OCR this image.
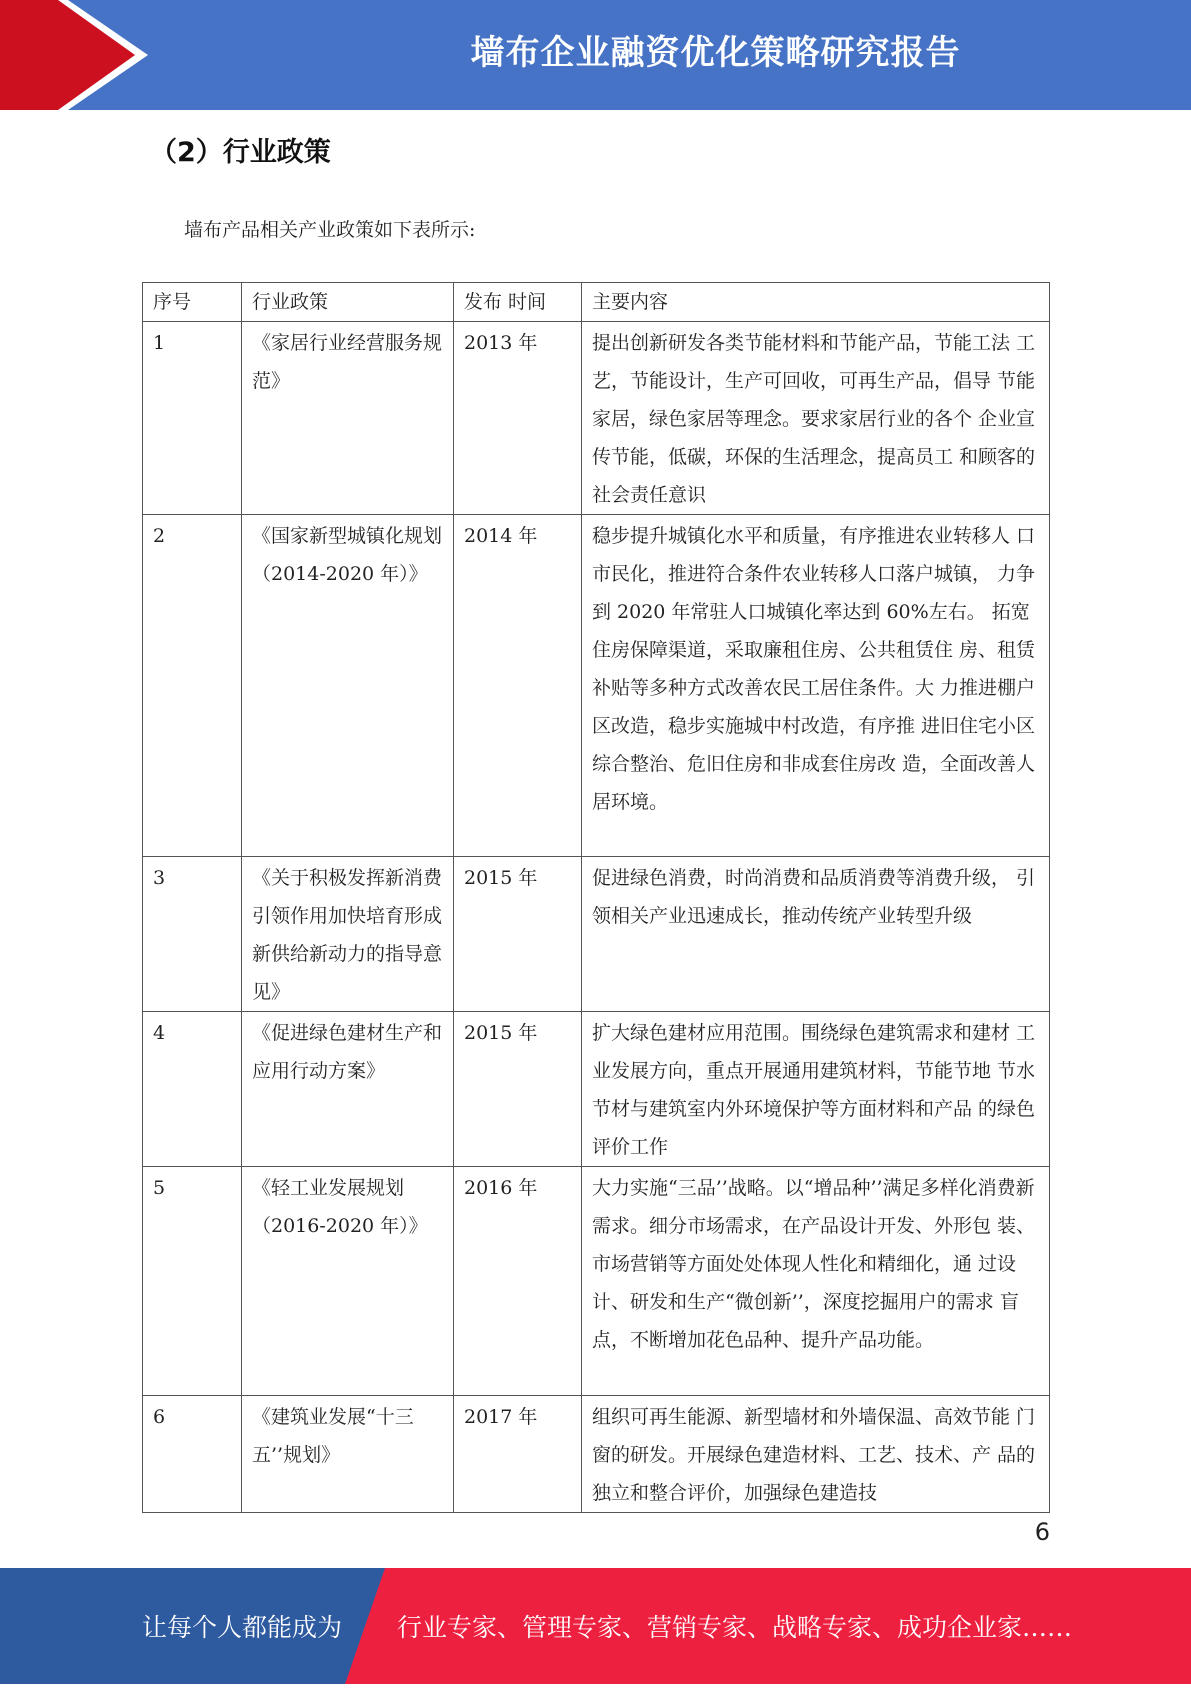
墙布企业融资优化策略研究报告
（2）行业政策
墙布产品相关产业政策如下表所示:
序号	行业政策	发布 时间	主要内容
1	《家居行业经营服务规范》	2013 年	提出创新研发各类节能材料和节能产品，节能工法 工艺，节能设计，生产可回收，可再生产品，倡导 节能家居，绿色家居等理念。要求家居行业的各个 企业宣传节能，低碳，环保的生活理念，提高员工 和顾客的社会责任意识
2	《国家新型城镇化规划（2014-2020 年）》	2014 年	稳步提升城镇化水平和质量，有序推进农业转移人 口市民化，推进符合条件农业转移人口落户城镇， 力争到 2020 年常驻人口城镇化率达到 60%左右。 拓宽住房保障渠道，采取廉租住房、公共租赁住 房、租赁补贴等多种方式改善农民工居住条件。大 力推进棚户区改造，稳步实施城中村改造，有序推 进旧住宅小区综合整治、危旧住房和非成套住房改 造，全面改善人居环境。
3	《关于积极发挥新消费引领作用加快培育形成新供给新动力的指导意见》	2015 年	促进绿色消费，时尚消费和品质消费等消费升级， 引领相关产业迅速成长，推动传统产业转型升级
4	《促进绿色建材生产和应用行动方案》	2015 年	扩大绿色建材应用范围。围绕绿色建筑需求和建材 工业发展方向，重点开展通用建筑材料，节能节地 节水节材与建筑室内外环境保护等方面材料和产品 的绿色评价工作
5	《轻工业发展规划（2016-2020 年）》	2016 年	大力实施“三品’’战略。以“增品种’’满足多样化消费新 需求。细分市场需求，在产品设计开发、外形包 装、市场营销等方面处处体现人性化和精细化，通 过设计、研发和生产“微创新’’，深度挖掘用户的需求 盲点，不断增加花色品种、提升产品功能。
6	《建筑业发展“十三五’’规划》	2017 年	组织可再生能源、新型墙材和外墙保温、高效节能 门窗的研发。开展绿色建造材料、工艺、技术、产 品的独立和整合评价，加强绿色建造技
6
让每个人都能成为 行业专家、管理专家、营销专家、战略专家、成功企业家……
